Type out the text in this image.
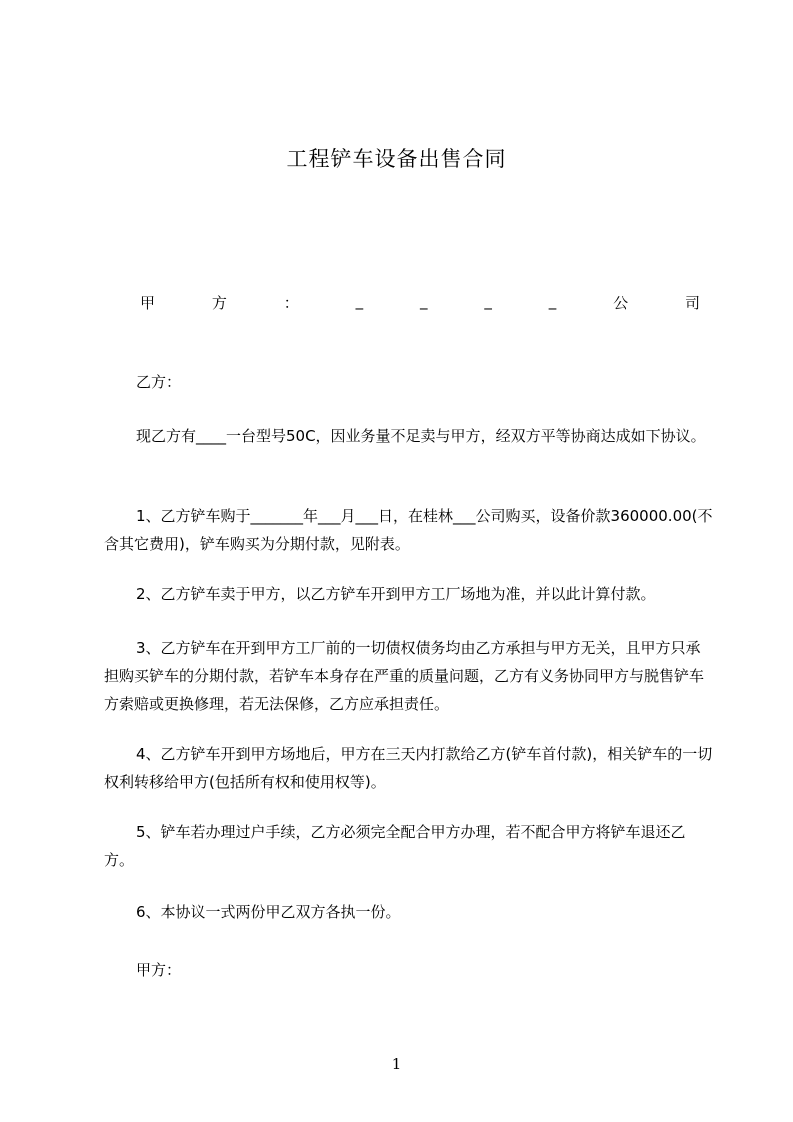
工程铲车设备出售合同
甲	方	：	_	_	_	_	公	司

乙方：

现乙方有____一台型号50C，因业务量不足卖与甲方，经双方平等协商达成如下协议。

1、乙方铲车购于_______年___月___日，在桂林___公司购买，设备价款360000.00(不含其它费用)，铲车购买为分期付款，见附表。

2、乙方铲车卖于甲方，以乙方铲车开到甲方工厂场地为准，并以此计算付款。

3、乙方铲车在开到甲方工厂前的一切债权债务均由乙方承担与甲方无关，且甲方只承担购买铲车的分期付款，若铲车本身存在严重的质量问题，乙方有义务协同甲方与脱售铲车方索赔或更换修理，若无法保修，乙方应承担责任。

4、乙方铲车开到甲方场地后，甲方在三天内打款给乙方(铲车首付款)，相关铲车的一切权利转移给甲方(包括所有权和使用权等)。

5、铲车若办理过户手续，乙方必须完全配合甲方办理，若不配合甲方将铲车退还乙方。

6、本协议一式两份甲乙双方各执一份。

甲方：

1
